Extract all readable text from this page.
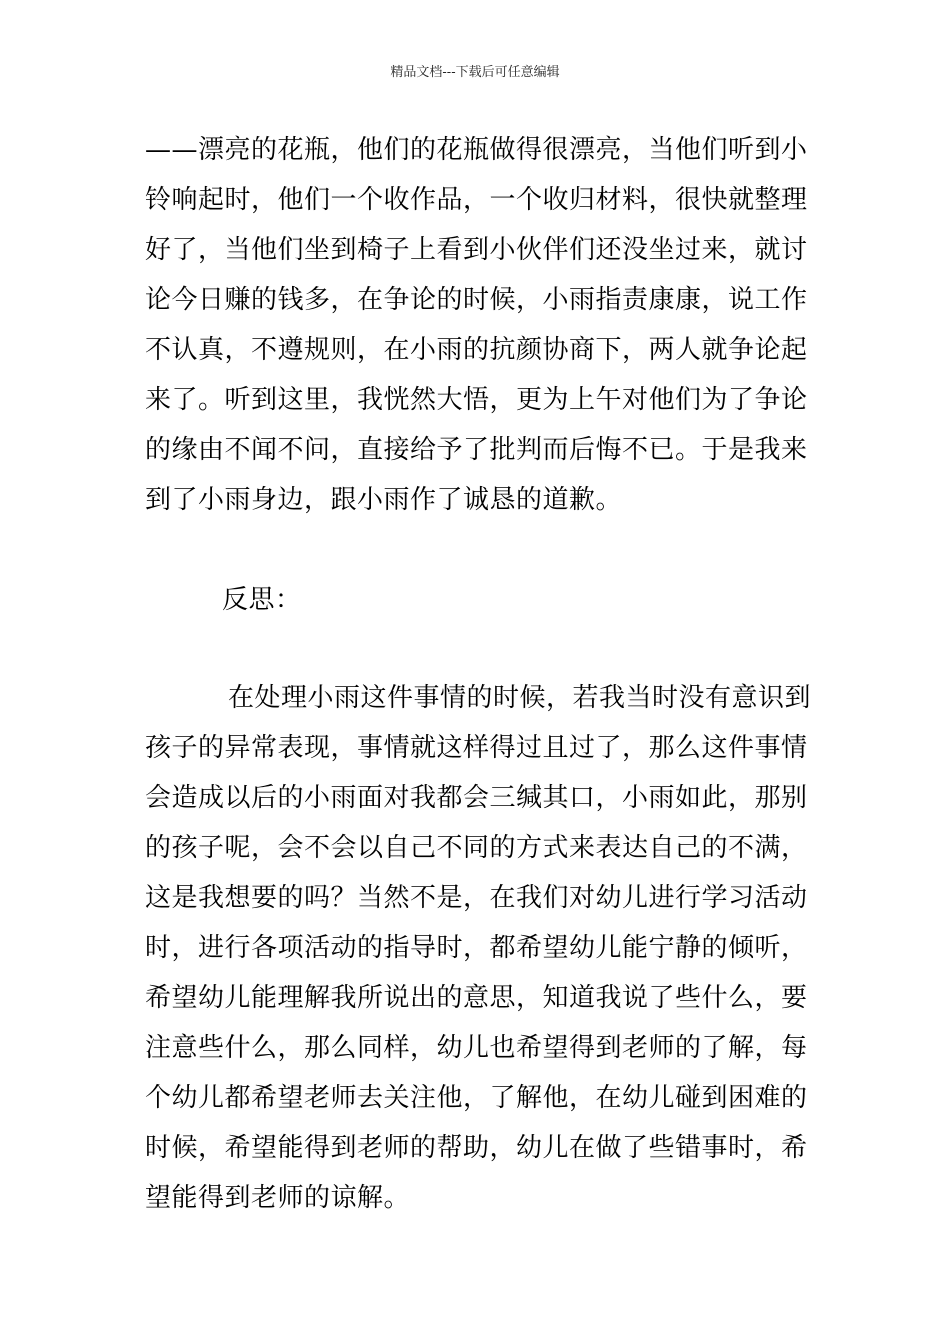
精品文档---下载后可任意编辑
——漂亮的花瓶，他们的花瓶做得很漂亮，当他们听到小
铃响起时，他们一个收作品，一个收归材料，很快就整理
好了，当他们坐到椅子上看到小伙伴们还没坐过来，就讨
论今日赚的钱多，在争论的时候，小雨指责康康，说工作
不认真，不遵规则，在小雨的抗颜协商下，两人就争论起
来了。听到这里，我恍然大悟，更为上午对他们为了争论
的缘由不闻不问，直接给予了批判而后悔不已。于是我来
到了小雨身边，跟小雨作了诚恳的道歉。
反思：
在处理小雨这件事情的时候，若我当时没有意识到
孩子的异常表现，事情就这样得过且过了，那么这件事情
会造成以后的小雨面对我都会三缄其口，小雨如此，那别
的孩子呢，会不会以自己不同的方式来表达自己的不满，
这是我想要的吗？当然不是，在我们对幼儿进行学习活动
时，进行各项活动的指导时，都希望幼儿能宁静的倾听，
希望幼儿能理解我所说出的意思，知道我说了些什么，要
注意些什么，那么同样，幼儿也希望得到老师的了解，每
个幼儿都希望老师去关注他，了解他，在幼儿碰到困难的
时候，希望能得到老师的帮助，幼儿在做了些错事时，希
望能得到老师的谅解。
